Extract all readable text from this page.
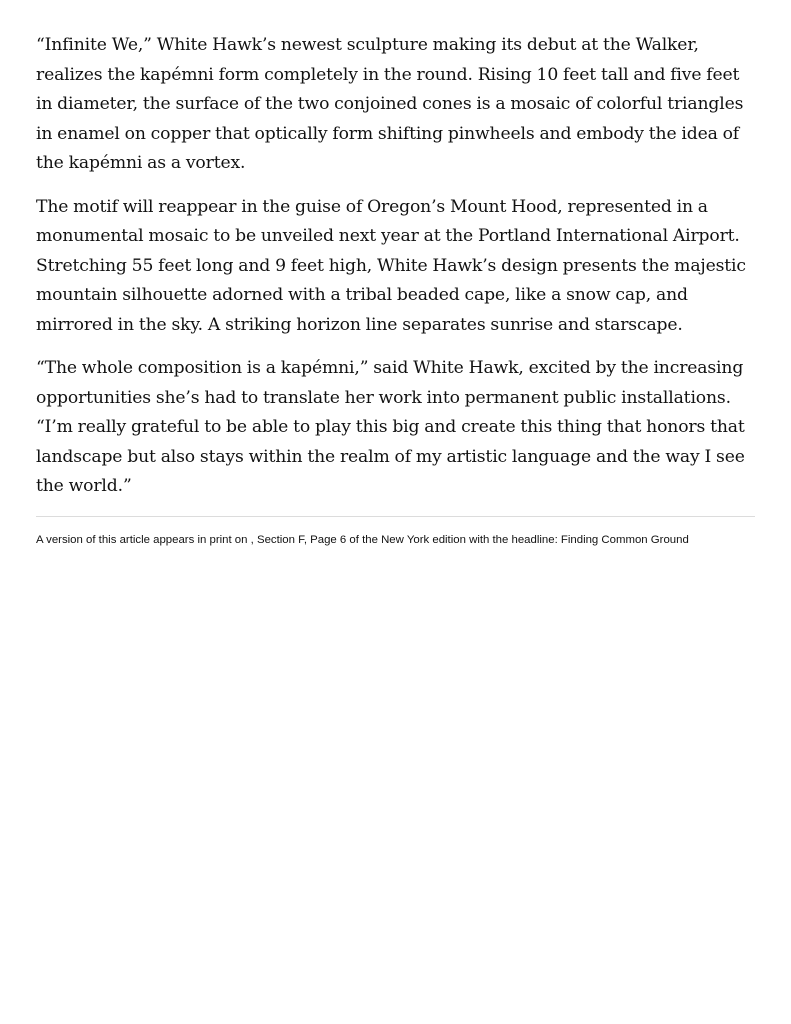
“Infinite We,” White Hawk’s newest sculpture making its debut at the Walker, realizes the kapémni form completely in the round. Rising 10 feet tall and five feet in diameter, the surface of the two conjoined cones is a mosaic of colorful triangles in enamel on copper that optically form shifting pinwheels and embody the idea of the kapémni as a vortex.

The motif will reappear in the guise of Oregon’s Mount Hood, represented in a monumental mosaic to be unveiled next year at the Portland International Airport. Stretching 55 feet long and 9 feet high, White Hawk’s design presents the majestic mountain silhouette adorned with a tribal beaded cape, like a snow cap, and mirrored in the sky. A striking horizon line separates sunrise and starscape.

“The whole composition is a kapémni,” said White Hawk, excited by the increasing opportunities she’s had to translate her work into permanent public installations. “I’m really grateful to be able to play this big and create this thing that honors that landscape but also stays within the realm of my artistic language and the way I see the world.”

A version of this article appears in print on , Section F, Page 6 of the New York edition with the headline: Finding Common Ground
